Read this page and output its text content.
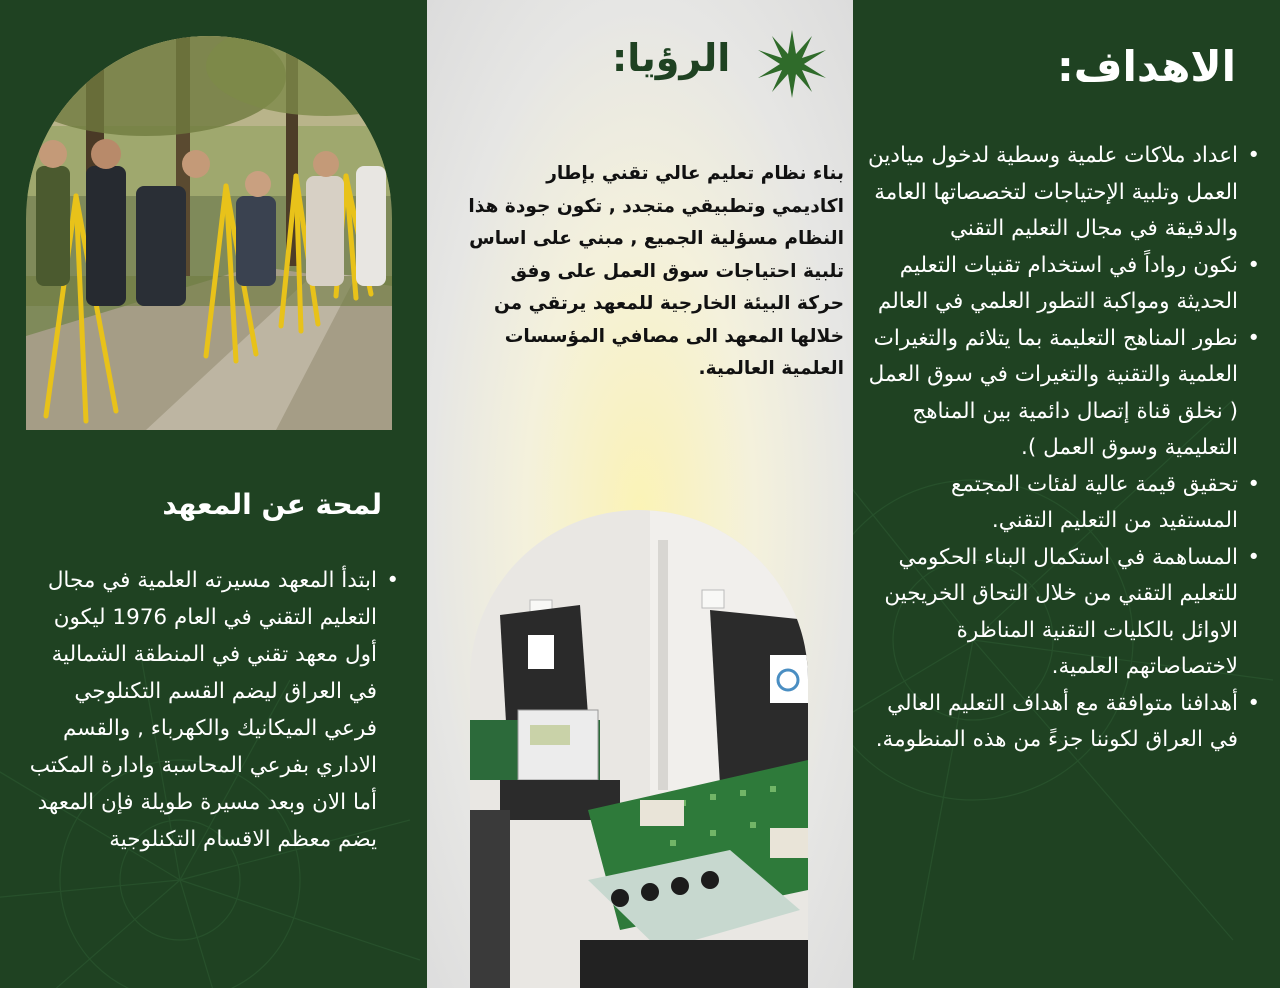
لمحة عن المعهد
• ابتدأ المعهد مسيرته العلمية في مجال التعليم التقني في العام 1976 ليكون أول معهد تقني في المنطقة الشمالية في العراق ليضم القسم التكنلوجي فرعي الميكانيك والكهرباء , والقسم الاداري بفرعي المحاسبة وادارة المكتب أما الان وبعد مسيرة طويلة فإن المعهد يضم معظم الاقسام التكنلوجية
الرؤيا:

بناء نظام تعليم عالي تقني بإطار اكاديمي وتطبيقي متجدد , تكون جودة هذا النظام مسؤلية الجميع , مبني على اساس تلبية احتياجات سوق العمل على وفق حركة البيئة الخارجية للمعهد يرتقي من خلالها المعهد الى مصافي المؤسسات العلمية العالمية.

الاهداف:
• اعداد ملاكات علمية وسطية لدخول ميادين العمل وتلبية الإحتياجات لتخصصاتها العامة والدقيقة في مجال التعليم التقني
• نكون رواداً في استخدام تقنيات التعليم الحديثة ومواكبة التطور العلمي في العالم
• نطور المناهج التعليمة بما يتلائم والتغيرات العلمية والتقنية والتغيرات في سوق العمل ( نخلق قناة إتصال دائمية بين المناهج التعليمية وسوق العمل ).
• تحقيق قيمة عالية لفئات المجتمع المستفيد من التعليم التقني.
• المساهمة في استكمال البناء الحكومي للتعليم التقني من خلال التحاق الخريجين الاوائل بالكليات التقنية المناظرة لاختصاصاتهم العلمية.
• أهدافنا متوافقة مع أهداف التعليم العالي في العراق لكوننا جزءً من هذه المنظومة.
